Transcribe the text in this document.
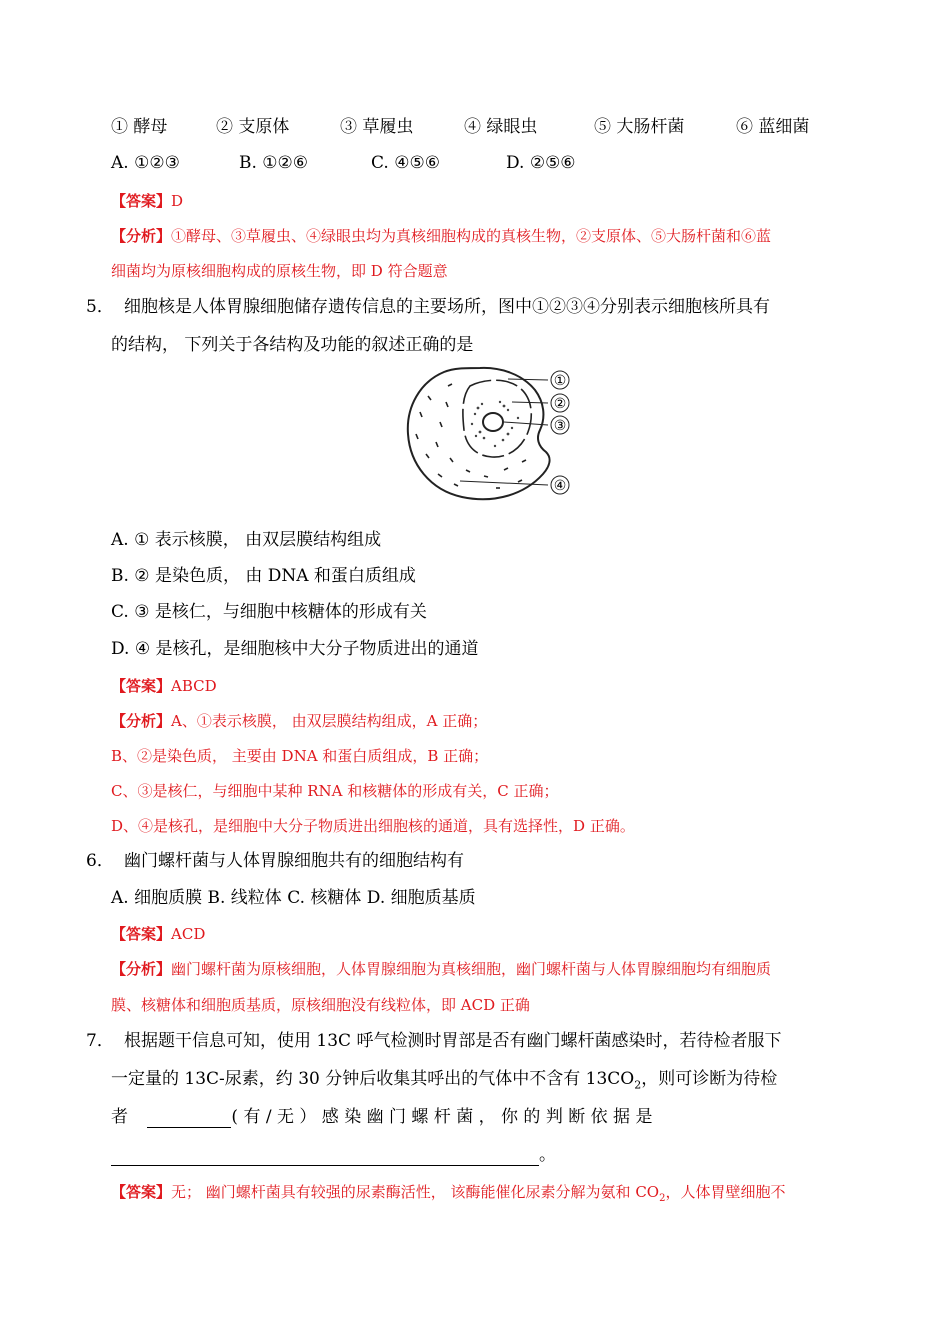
① 酵母	② 支原体	③ 草履虫	④ 绿眼虫	⑤ 大肠杆菌	⑥ 蓝细菌
A. ①②③	B. ①②⑥	C. ④⑤⑥	D. ②⑤⑥
【答案】D
【分析】①酵母、③草履虫、④绿眼虫均为真核细胞构成的真核生物，②支原体、⑤大肠杆菌和⑥蓝
细菌均为原核细胞构成的原核生物，即 D 符合题意
5． 细胞核是人体胃腺细胞储存遗传信息的主要场所，图中①②③④分别表示细胞核所具有
的结构， 下列关于各结构及功能的叙述正确的是
①
②
③
④
A. ① 表示核膜， 由双层膜结构组成
B. ② 是染色质， 由 DNA 和蛋白质组成
C. ③ 是核仁，与细胞中核糖体的形成有关
D. ④ 是核孔，是细胞核中大分子物质进出的通道
【答案】ABCD
【分析】A、①表示核膜， 由双层膜结构组成，A 正确；
B、②是染色质， 主要由 DNA 和蛋白质组成，B 正确；
C、③是核仁，与细胞中某种 RNA 和核糖体的形成有关，C 正确；
D、④是核孔，是细胞中大分子物质进出细胞核的通道，具有选择性，D 正确。
6． 幽门螺杆菌与人体胃腺细胞共有的细胞结构有
A. 细胞质膜 B. 线粒体 C. 核糖体 D. 细胞质基质
【答案】ACD
【分析】幽门螺杆菌为原核细胞，人体胃腺细胞为真核细胞，幽门螺杆菌与人体胃腺细胞均有细胞质
膜、核糖体和细胞质基质，原核细胞没有线粒体，即 ACD 正确
7． 根据题干信息可知，使用 13C 呼气检测时胃部是否有幽门螺杆菌感染时，若待检者服下
一定量的 13C-尿素，约 30 分钟后收集其呼出的气体中不含有 $13CO_2$，则可诊断为待检
者	( 有 / 无 ） 感 染 幽 门 螺 杆 菌 ， 你 的 判 断 依 据 是
。
【答案】无； 幽门螺杆菌具有较强的尿素酶活性， 该酶能催化尿素分解为氨和 $CO_2$，人体胃壁细胞不
